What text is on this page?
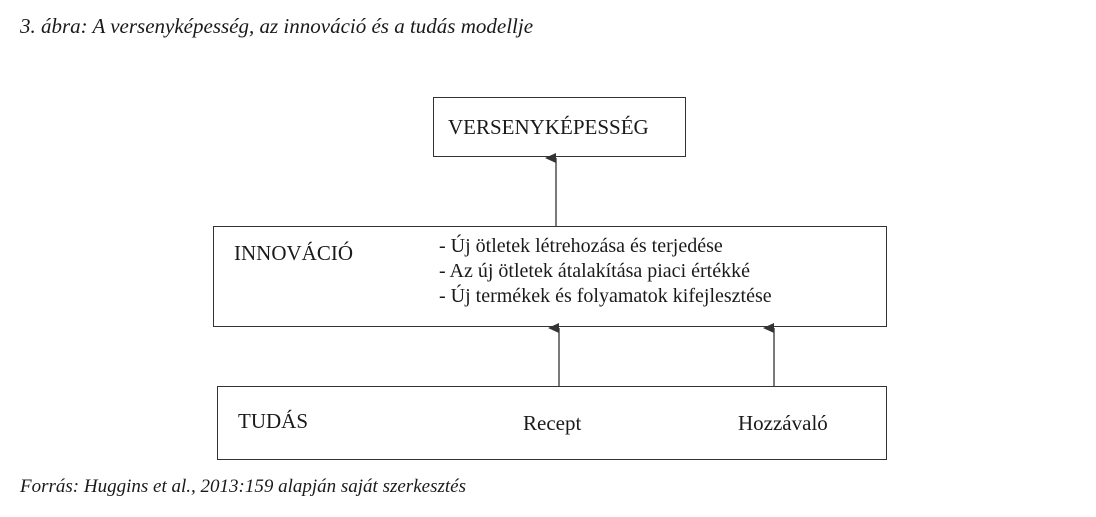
3. ábra: A versenyképesség, az innováció és a tudás modellje
VERSENYKÉPESSÉG
INNOVÁCIÓ	- Új ötletek létrehozása és terjedése
- Az új ötletek átalakítása piaci értékké
- Új termékek és folyamatok kifejlesztése
TUDÁS	Recept	Hozzávaló
Forrás: Huggins et al., 2013:159 alapján saját szerkesztés
